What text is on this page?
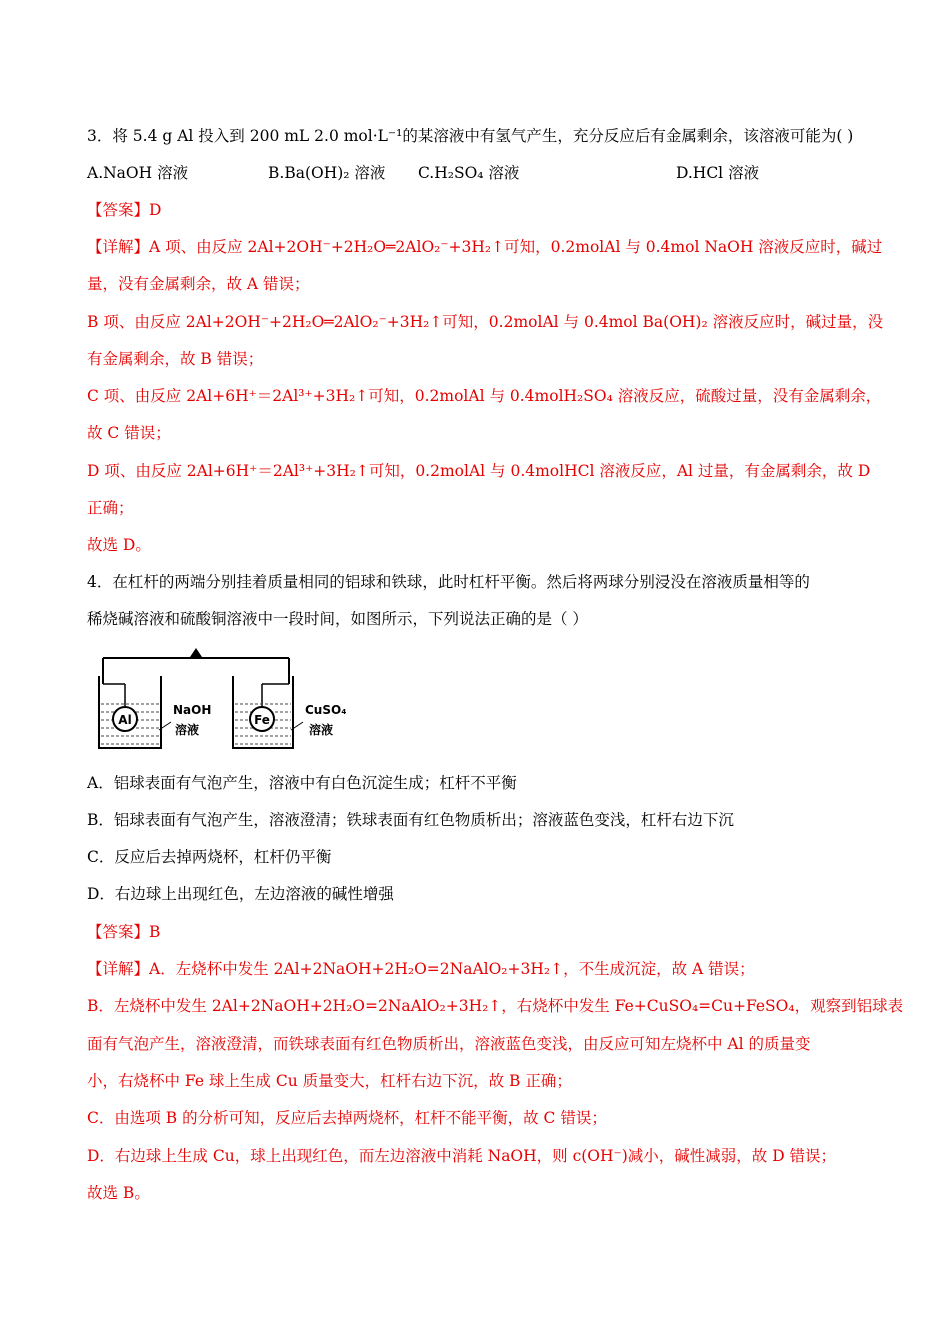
3．将 5.4 g Al 投入到 200 mL 2.0 mol·L⁻¹的某溶液中有氢气产生，充分反应后有金属剩余，该溶液可能为( )
A.NaOH 溶液	B.Ba(OH)₂ 溶液 C.H₂SO₄ 溶液	D.HCl 溶液
【答案】D
【详解】A 项、由反应 2Al+2OH⁻+2H₂O═2AlO₂⁻+3H₂↑可知，0.2molAl 与 0.4mol NaOH 溶液反应时，碱过
量，没有金属剩余，故 A 错误；
B 项、由反应 2Al+2OH⁻+2H₂O═2AlO₂⁻+3H₂↑可知，0.2molAl 与 0.4mol Ba(OH)₂ 溶液反应时，碱过量，没
有金属剩余，故 B 错误；
C 项、由反应 2Al+6H⁺＝2Al³⁺+3H₂↑可知，0.2molAl 与 0.4molH₂SO₄ 溶液反应，硫酸过量，没有金属剩余，
故 C 错误；
D 项、由反应 2Al+6H⁺＝2Al³⁺+3H₂↑可知，0.2molAl 与 0.4molHCl 溶液反应，Al 过量，有金属剩余，故 D
正确；
故选 D。
4．在杠杆的两端分别挂着质量相同的铝球和铁球，此时杠杆平衡。然后将两球分别浸没在溶液质量相等的
稀烧碱溶液和硫酸铜溶液中一段时间，如图所示，下列说法正确的是（ ）
Al
NaOH
溶液
Fe
CuSO₄
溶液
A．铝球表面有气泡产生，溶液中有白色沉淀生成；杠杆不平衡
B．铝球表面有气泡产生，溶液澄清；铁球表面有红色物质析出；溶液蓝色变浅，杠杆右边下沉
C．反应后去掉两烧杯，杠杆仍平衡
D．右边球上出现红色，左边溶液的碱性增强
【答案】B
【详解】A．左烧杯中发生 2Al+2NaOH+2H₂O=2NaAlO₂+3H₂↑，不生成沉淀，故 A 错误；
B．左烧杯中发生 2Al+2NaOH+2H₂O=2NaAlO₂+3H₂↑，右烧杯中发生 Fe+CuSO₄=Cu+FeSO₄，观察到铝球表
面有气泡产生，溶液澄清，而铁球表面有红色物质析出，溶液蓝色变浅，由反应可知左烧杯中 Al 的质量变
小，右烧杯中 Fe 球上生成 Cu 质量变大，杠杆右边下沉，故 B 正确；
C．由选项 B 的分析可知，反应后去掉两烧杯，杠杆不能平衡，故 C 错误；
D．右边球上生成 Cu，球上出现红色，而左边溶液中消耗 NaOH，则 c(OH⁻)减小，碱性减弱，故 D 错误；
故选 B。
